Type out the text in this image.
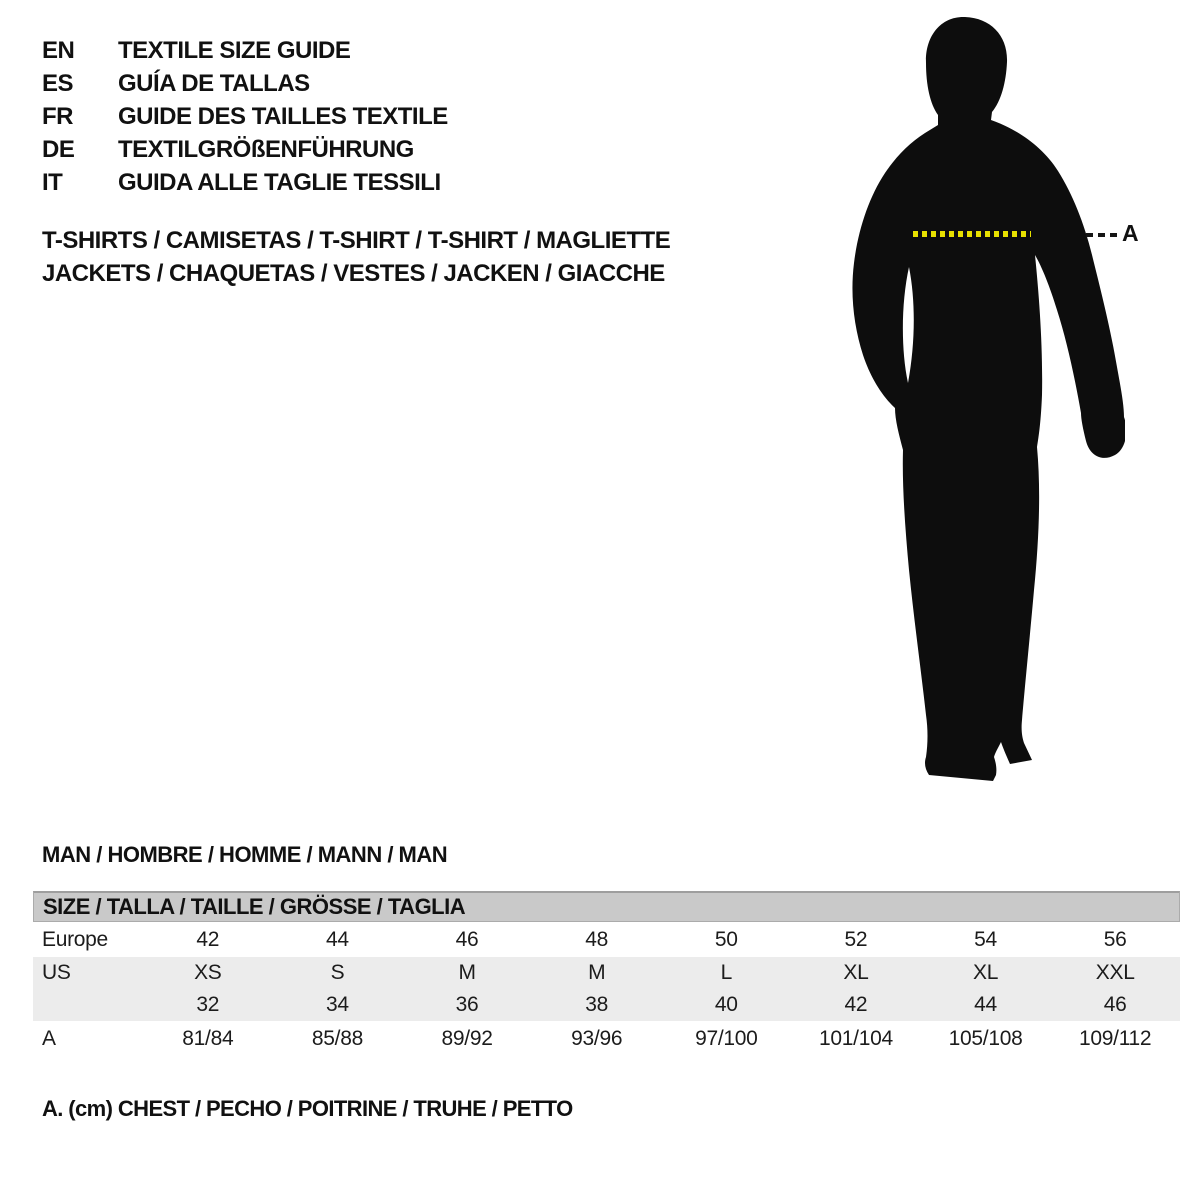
EN	TEXTILE SIZE GUIDE
ES	GUÍA DE TALLAS
FR	GUIDE DES TAILLES TEXTILE
DE	TEXTILGRÖßENFÜHRUNG
IT	GUIDA ALLE TAGLIE TESSILI
T-SHIRTS / CAMISETAS / T-SHIRT / T-SHIRT / MAGLIETTE
JACKETS / CHAQUETAS / VESTES / JACKEN / GIACCHE
A
MAN / HOMBRE / HOMME / MANN / MAN
SIZE / TALLA / TAILLE / GRÖSSE / TAGLIA
Europe	42	44	46	48	50	52	54	56
US	XS	S	M	M	L	XL	XL	XXL
32	34	36	38	40	42	44	46
A	81/84	85/88	89/92	93/96	97/100	101/104	105/108	109/112
A. (cm) CHEST / PECHO / POITRINE / TRUHE / PETTO
